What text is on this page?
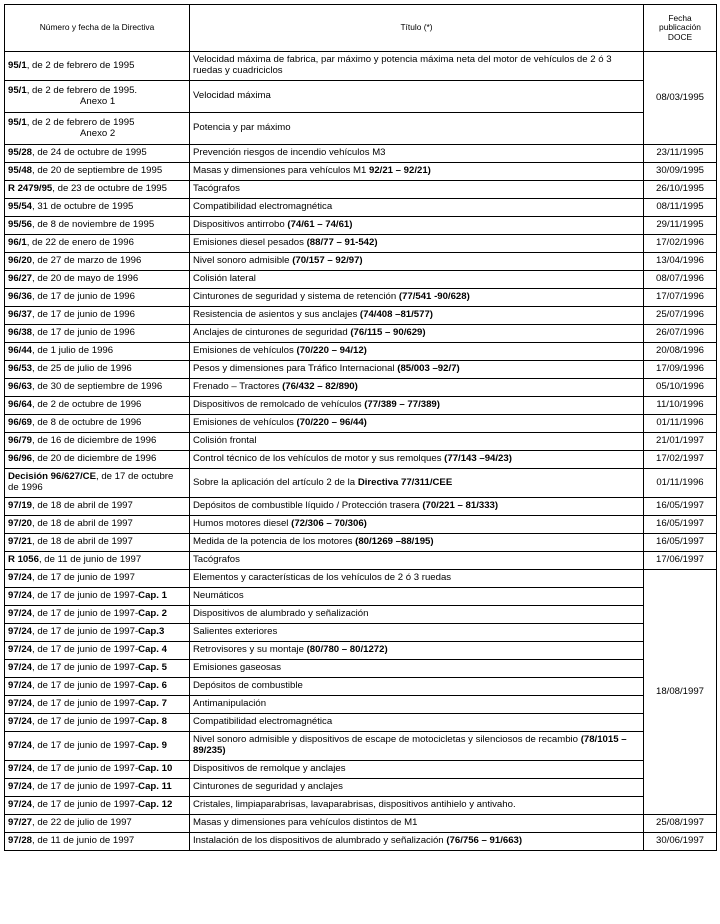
Número y fecha de la Directiva	Título (*)	Fecha publicación DOCE
95/1, de 2 de febrero de 1995	Velocidad máxima de fabrica, par máximo y potencia máxima neta del motor de vehículos de 2 ó 3 ruedas y cuadriciclos	08/03/1995
95/1, de 2 de febrero de 1995.
Anexo 1	Velocidad máxima	
95/1, de 2 de febrero de 1995
Anexo 2	Potencia y par máximo	
95/28, de 24 de octubre de 1995	Prevención riesgos de incendio vehículos M3	23/11/1995
95/48, de 20 de septiembre de 1995	Masas y dimensiones para vehículos M1 92/21 – 92/21)	30/09/1995
R 2479/95, de 23 de octubre de 1995	Tacógrafos	26/10/1995
95/54, 31 de octubre de 1995	Compatibilidad electromagnética	08/11/1995
95/56, de 8 de noviembre de 1995	Dispositivos antirrobo (74/61 – 74/61)	29/11/1995
96/1, de 22 de enero de 1996	Emisiones diesel pesados (88/77 – 91-542)	17/02/1996
96/20, de 27 de marzo de 1996	Nivel sonoro admisible (70/157 – 92/97)	13/04/1996
96/27, de 20 de mayo de 1996	Colisión lateral	08/07/1996
96/36, de 17 de junio de 1996	Cinturones de seguridad y sistema de retención (77/541 -90/628)	17/07/1996
96/37, de 17 de junio de 1996	Resistencia de asientos y sus anclajes (74/408 –81/577)	25/07/1996
96/38, de 17 de junio de 1996	Anclajes de cinturones de seguridad (76/115 – 90/629)	26/07/1996
96/44, de 1 julio de 1996	Emisiones de vehículos (70/220 – 94/12)	20/08/1996
96/53, de 25 de julio de 1996	Pesos y dimensiones para Tráfico Internacional (85/003 –92/7)	17/09/1996
96/63, de 30 de septiembre de 1996	Frenado – Tractores (76/432 – 82/890)	05/10/1996
96/64, de 2 de octubre de 1996	Dispositivos de remolcado de vehículos (77/389 – 77/389)	11/10/1996
96/69, de 8 de octubre de 1996	Emisiones de vehículos (70/220 – 96/44)	01/11/1996
96/79, de 16 de diciembre de 1996	Colisión frontal	21/01/1997
96/96, de 20 de diciembre de 1996	Control técnico de los vehículos de motor y sus remolques (77/143 –94/23)	17/02/1997
Decisión 96/627/CE, de 17 de octubre de 1996	Sobre la aplicación del artículo 2 de la Directiva 77/311/CEE	01/11/1996
97/19, de 18 de abril de 1997	Depósitos de combustible líquido / Protección trasera (70/221 – 81/333)	16/05/1997
97/20, de 18 de abril de 1997	Humos motores diesel (72/306 – 70/306)	16/05/1997
97/21, de 18 de abril de 1997	Medida de la potencia de los motores (80/1269 –88/195)	16/05/1997
R 1056, de 11 de junio de 1997	Tacógrafos	17/06/1997
97/24, de 17 de junio de 1997	Elementos y características de los vehículos de 2 ó 3 ruedas	18/08/1997
97/24, de 17 de junio de 1997-Cap. 1	Neumáticos	
97/24, de 17 de junio de 1997-Cap. 2	Dispositivos de alumbrado y señalización	
97/24, de 17 de junio de 1997-Cap.3	Salientes exteriores	
97/24, de 17 de junio de 1997-Cap. 4	Retrovisores y su montaje (80/780 – 80/1272)	
97/24, de 17 de junio de 1997-Cap. 5	Emisiones gaseosas	
97/24, de 17 de junio de 1997-Cap. 6	Depósitos de combustible	
97/24, de 17 de junio de 1997-Cap. 7	Antimanipulación	
97/24, de 17 de junio de 1997-Cap. 8	Compatibilidad electromagnética	
97/24, de 17 de junio de 1997-Cap. 9	Nivel sonoro admisible y dispositivos de escape de motocicletas y silenciosos de recambio (78/1015 –89/235)	
97/24, de 17 de junio de 1997-Cap. 10	Dispositivos de remolque y anclajes	
97/24, de 17 de junio de 1997-Cap. 11	Cinturones de seguridad y anclajes	
97/24, de 17 de junio de 1997-Cap. 12	Cristales, limpiaparabrisas, lavaparabrisas, dispositivos antihielo y antivaho.	
97/27, de 22 de julio de 1997	Masas y dimensiones para vehículos distintos de M1	25/08/1997
97/28, de 11 de junio de 1997	Instalación de los dispositivos de alumbrado y señalización (76/756 – 91/663)	30/06/1997
